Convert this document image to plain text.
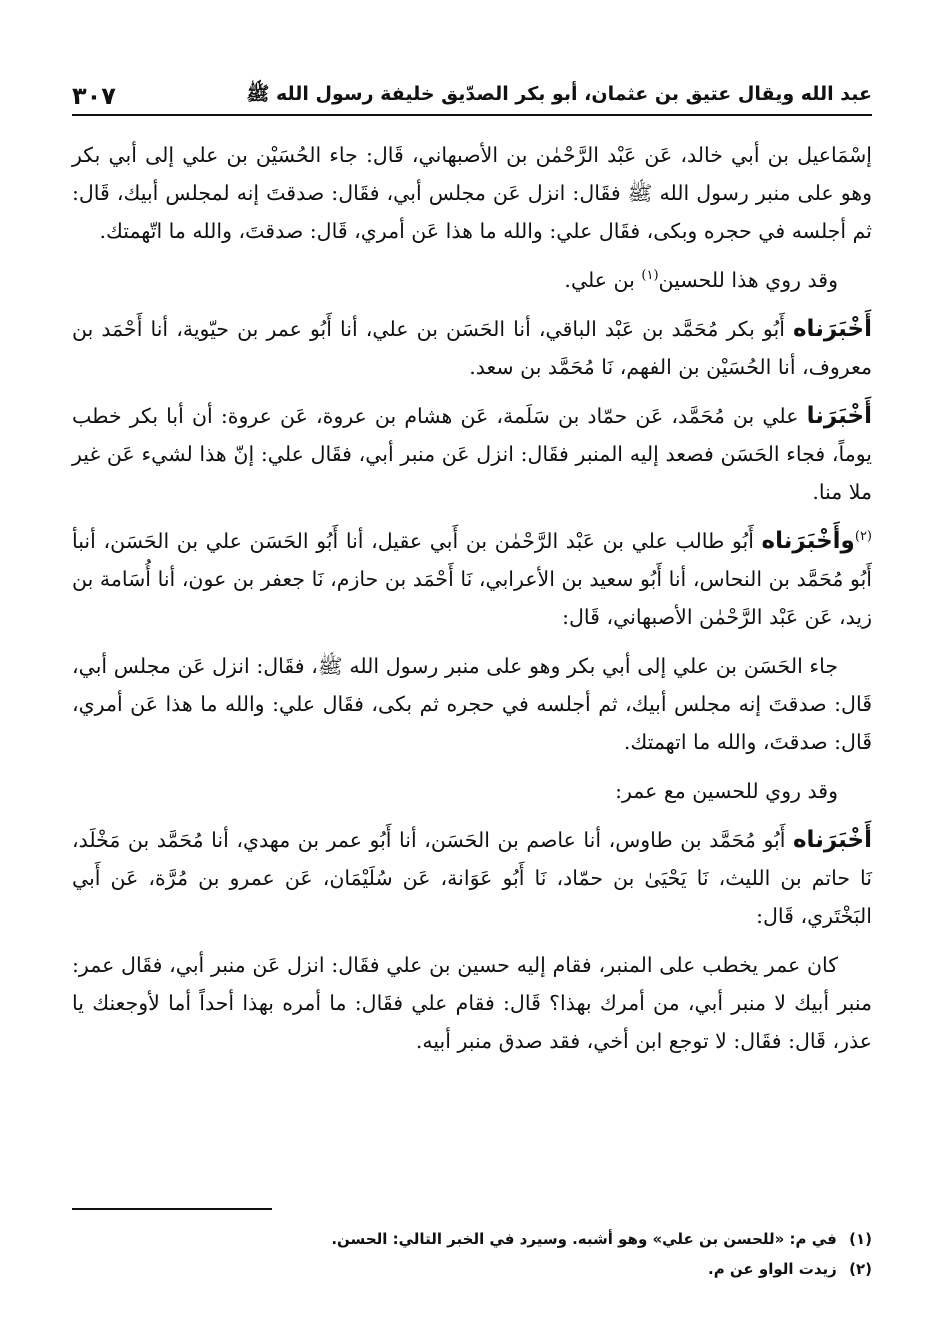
عبد الله ويقال عتيق بن عثمان، أبو بكر الصدّيق خليفة رسول الله ﷺ
٣٠٧

إسْمَاعيل بن أبي خالد، عَن عَبْد الرَّحْمٰن بن الأصبهاني، قَال: جاء الحُسَيْن بن علي إلى أبي بكر وهو على منبر رسول الله ﷺ فقَال: انزل عَن مجلس أبي، فقَال: صدقتَ إنه لمجلس أبيك، قَال: ثم أجلسه في حجره وبكى، فقَال علي: والله ما هذا عَن أمري، قَال: صدقتَ، والله ما اتّهمتك.

وقد روي هذا للحسين$^{(١)}$ بن علي.

أَخْبَرَناه أَبُو بكر مُحَمَّد بن عَبْد الباقي، أنا الحَسَن بن علي، أنا أَبُو عمر بن حيّوية، أنا أَحْمَد بن معروف، أنا الحُسَيْن بن الفهم، نَا مُحَمَّد بن سعد.

أَخْبَرَنا علي بن مُحَمَّد، عَن حمّاد بن سَلَمة، عَن هشام بن عروة، عَن عروة: أن أبا بكر خطب يوماً، فجاء الحَسَن فصعد إليه المنبر فقَال: انزل عَن منبر أبي، فقَال علي: إنّ هذا لشيء عَن غير ملا منا.

$^{(٢)}$وأَخْبَرَناه أَبُو طالب علي بن عَبْد الرَّحْمٰن بن أَبي عقيل، أنا أَبُو الحَسَن علي بن الحَسَن، أنبأ أَبُو مُحَمَّد بن النحاس، أنا أَبُو سعيد بن الأعرابي، نَا أَحْمَد بن حازم، نَا جعفر بن عون، أنا أُسَامة بن زيد، عَن عَبْد الرَّحْمٰن الأصبهاني، قَال:

جاء الحَسَن بن علي إلى أبي بكر وهو على منبر رسول الله ﷺ، فقَال: انزل عَن مجلس أبي، قَال: صدقتَ إنه مجلس أبيك، ثم أجلسه في حجره ثم بكى، فقَال علي: والله ما هذا عَن أمري، قَال: صدقتَ، والله ما اتهمتك.

وقد روي للحسين مع عمر:

أَخْبَرَناه أَبُو مُحَمَّد بن طاوس، أنا عاصم بن الحَسَن، أنا أَبُو عمر بن مهدي، أنا مُحَمَّد بن مَخْلَد، نَا حاتم بن الليث، نَا يَحْيَىٰ بن حمّاد، نَا أَبُو عَوَانة، عَن سُلَيْمَان، عَن عمرو بن مُرَّة، عَن أَبي البَخْتَري، قَال:

كان عمر يخطب على المنبر، فقام إليه حسين بن علي فقَال: انزل عَن منبر أبي، فقَال عمر: منبر أبيك لا منبر أبي، من أمرك بهذا؟ قَال: فقام علي فقَال: ما أمره بهذا أحداً أما لأوجعنك يا عذر، قَال: فقَال: لا توجع ابن أخي، فقد صدق منبر أبيه.

(١) في م: «للحسن بن علي» وهو أشبه. وسيرد في الخبر التالي: الحسن.
(٢) زيدت الواو عن م.
